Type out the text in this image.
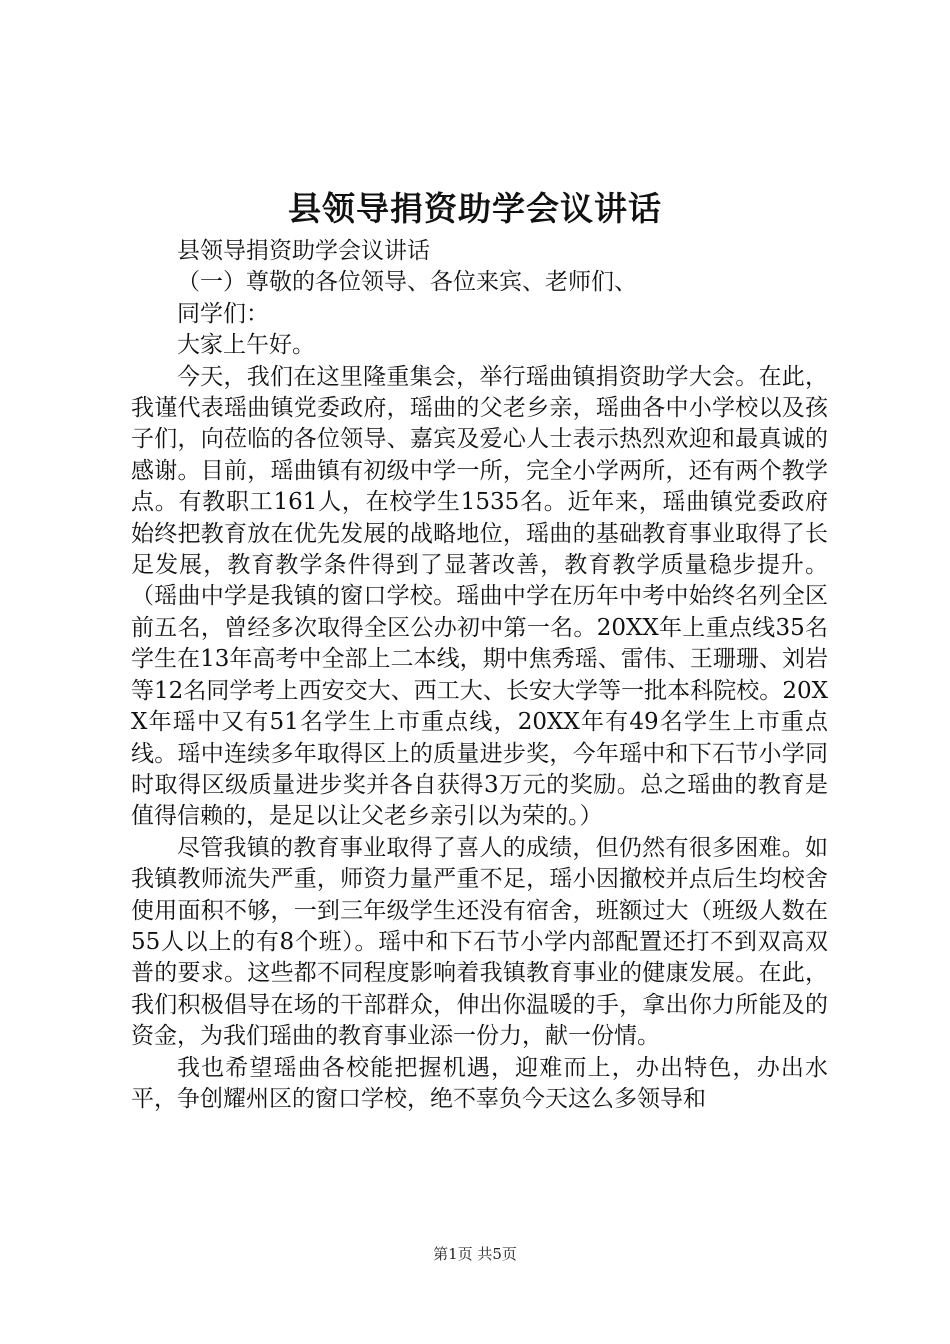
县领导捐资助学会议讲话

县领导捐资助学会议讲话

（一）尊敬的各位领导、各位来宾、老师们、

同学们：

大家上午好。

今天，我们在这里隆重集会，举行瑶曲镇捐资助学大会。在此，我谨代表瑶曲镇党委政府，瑶曲的父老乡亲，瑶曲各中小学校以及孩子们，向莅临的各位领导、嘉宾及爱心人士表示热烈欢迎和最真诚的感谢。目前，瑶曲镇有初级中学一所，完全小学两所，还有两个教学点。有教职工161人，在校学生1535名。近年来，瑶曲镇党委政府始终把教育放在优先发展的战略地位，瑶曲的基础教育事业取得了长足发展，教育教学条件得到了显著改善，教育教学质量稳步提升。（瑶曲中学是我镇的窗口学校。瑶曲中学在历年中考中始终名列全区前五名，曾经多次取得全区公办初中第一名。20XX年上重点线35名学生在13年高考中全部上二本线，期中焦秀瑶、雷伟、王珊珊、刘岩等12名同学考上西安交大、西工大、长安大学等一批本科院校。20XX年瑶中又有51名学生上市重点线，20XX年有49名学生上市重点线。瑶中连续多年取得区上的质量进步奖，今年瑶中和下石节小学同时取得区级质量进步奖并各自获得3万元的奖励。总之瑶曲的教育是值得信赖的，是足以让父老乡亲引以为荣的。）

尽管我镇的教育事业取得了喜人的成绩，但仍然有很多困难。如我镇教师流失严重，师资力量严重不足，瑶小因撤校并点后生均校舍使用面积不够，一到三年级学生还没有宿舍，班额过大（班级人数在55人以上的有8个班）。瑶中和下石节小学内部配置还打不到双高双普的要求。这些都不同程度影响着我镇教育事业的健康发展。在此，我们积极倡导在场的干部群众，伸出你温暖的手，拿出你力所能及的资金，为我们瑶曲的教育事业添一份力，献一份情。

我也希望瑶曲各校能把握机遇，迎难而上，办出特色，办出水平，争创耀州区的窗口学校，绝不辜负今天这么多领导和

第1页 共5页
